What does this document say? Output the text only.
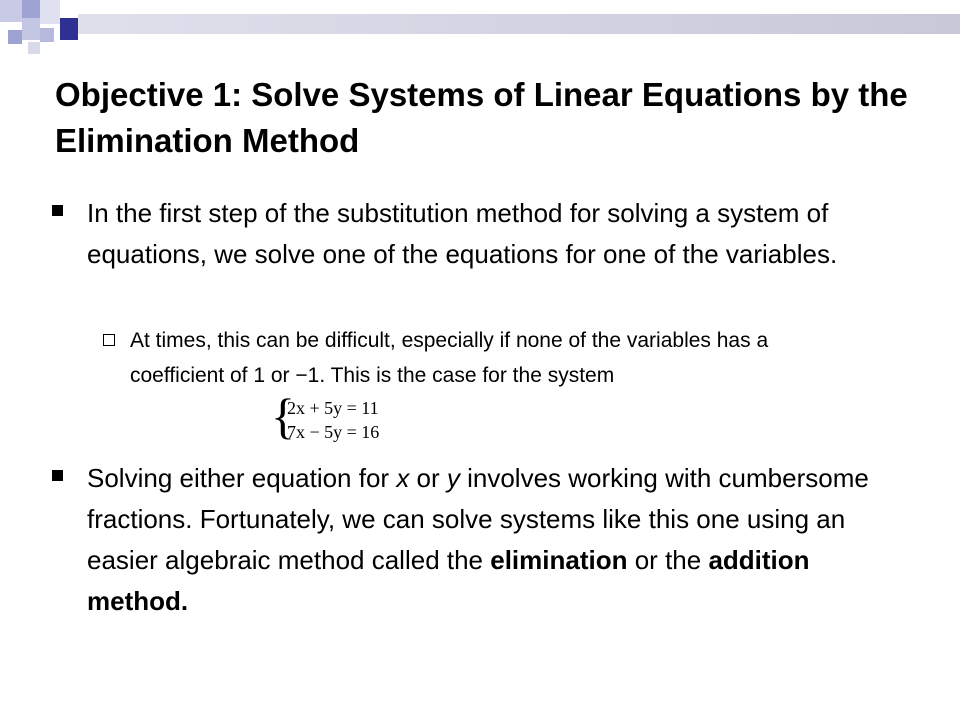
Objective 1: Solve Systems of Linear Equations by the Elimination Method
In the first step of the substitution method for solving a system of equations, we solve one of the equations for one of the variables.
At times, this can be difficult, especially if none of the variables has a coefficient of 1 or −1. This is the case for the system
{
2x + 5y = 11
7x − 5y = 16
Solving either equation for x or y involves working with cumbersome fractions. Fortunately, we can solve systems like this one using an easier algebraic method called the elimination or the addition method.
